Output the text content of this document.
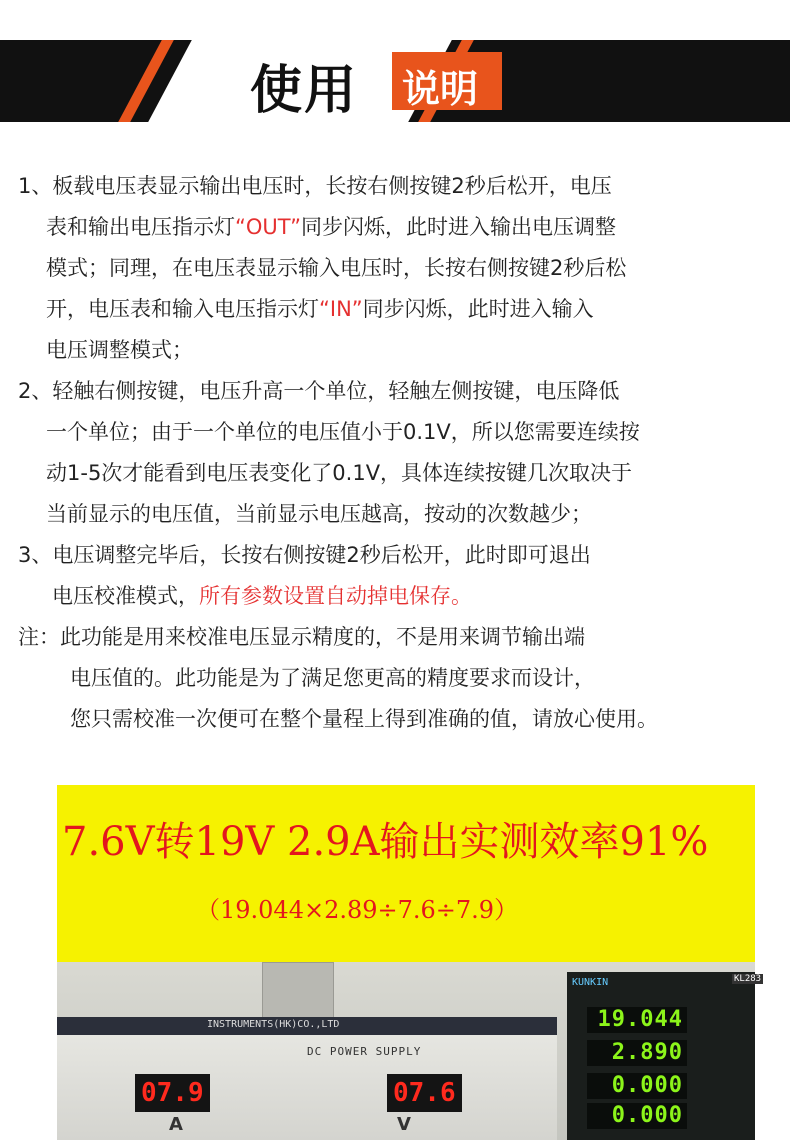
使用 说明
1、板载电压表显示输出电压时，长按右侧按键2秒后松开，电压
表和输出电压指示灯“OUT”同步闪烁，此时进入输出电压调整
模式；同理，在电压表显示输入电压时，长按右侧按键2秒后松
开，电压表和输入电压指示灯“IN”同步闪烁，此时进入输入
电压调整模式；
2、轻触右侧按键，电压升高一个单位，轻触左侧按键，电压降低
一个单位；由于一个单位的电压值小于0.1V，所以您需要连续按
动1-5次才能看到电压表变化了0.1V，具体连续按键几次取决于
当前显示的电压值，当前显示电压越高，按动的次数越少；
3、电压调整完毕后，长按右侧按键2秒后松开，此时即可退出
电压校准模式，所有参数设置自动掉电保存。
注：此功能是用来校准电压显示精度的，不是用来调节输出端
电压值的。此功能是为了满足您更高的精度要求而设计，
您只需校准一次便可在整个量程上得到准确的值，请放心使用。
7.6V转19V 2.9A输出实测效率91%
（19.044×2.89÷7.6÷7.9）
INSTRUMENTS(HK)CO.,LTD
DC POWER SUPPLY
07.9
A
07.6
V
KUNKIN	KL283
19.044
2.890
0.000
0.000
